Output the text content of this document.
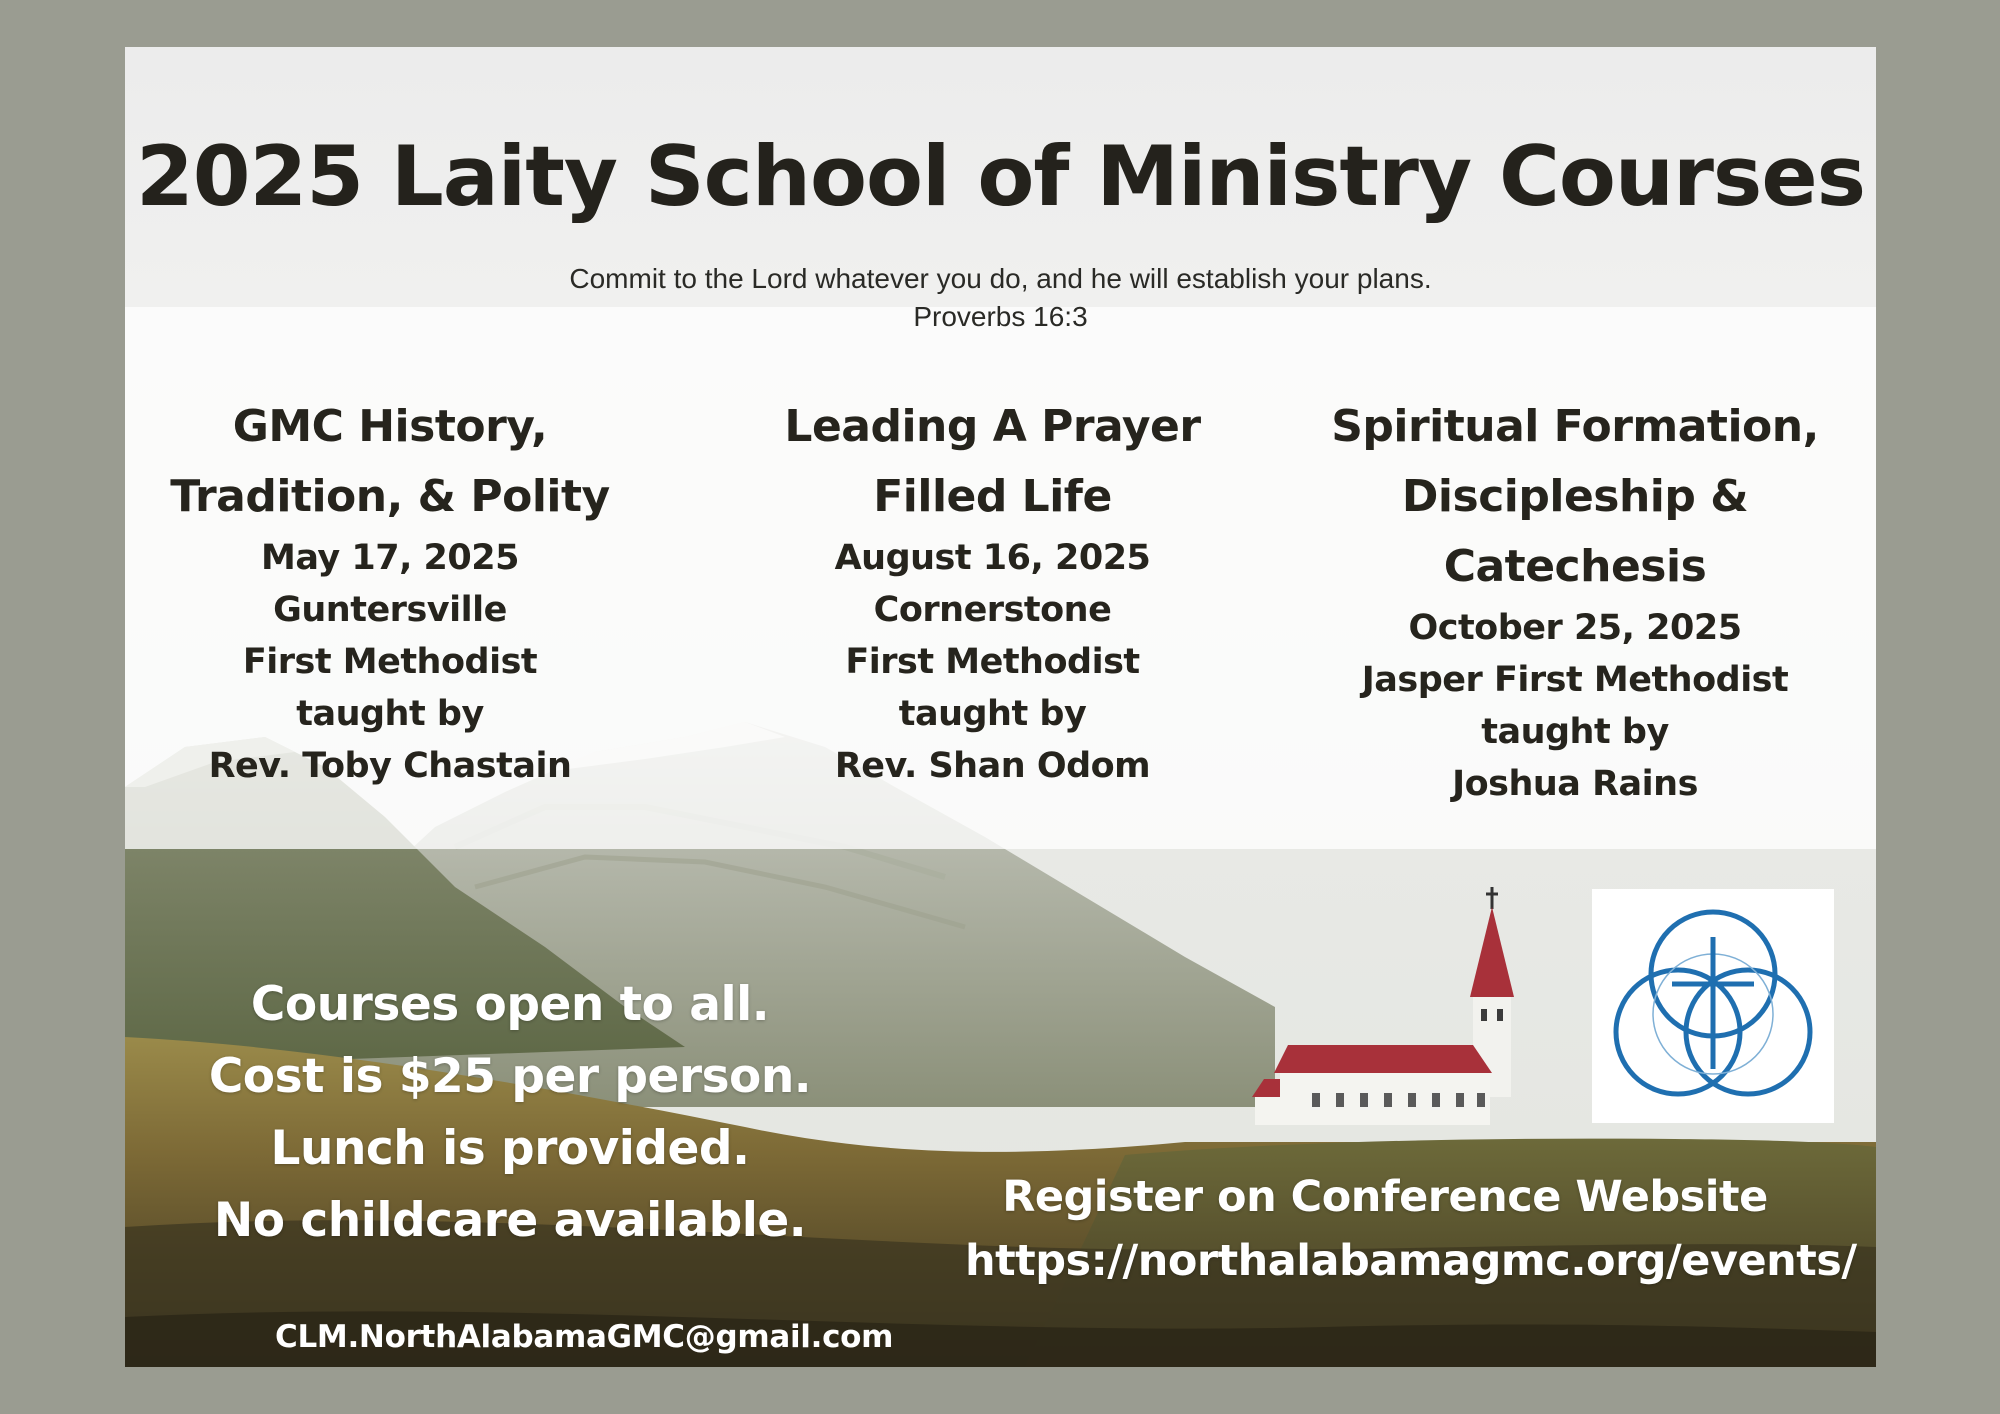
2025 Laity School of Ministry Courses
Commit to the Lord whatever you do, and he will establish your plans.
Proverbs 16:3
GMC History,
Tradition, & Polity
May 17, 2025
Guntersville
First Methodist
taught by
Rev. Toby Chastain
Leading A Prayer
Filled Life
August 16, 2025
Cornerstone
First Methodist
taught by
Rev. Shan Odom
Spiritual Formation,
Discipleship &
Catechesis
October 25, 2025
Jasper First Methodist
taught by
Joshua Rains
Courses open to all.
Cost is $25 per person.
Lunch is provided.
No childcare available.	Register on Conference Website
https://northalabamagmc.org/events/
CLM.NorthAlabamaGMC@gmail.com
